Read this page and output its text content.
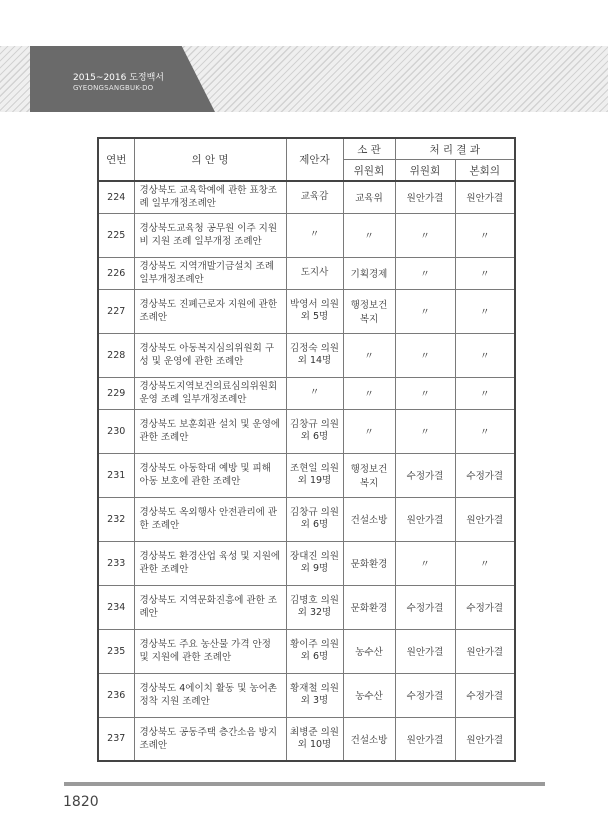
2015~2016 도정백서
GYEONGSANGBUK-DO
연번	의 안 명	제안자	소 관	처 리 결 과	
			위원회	위원회	본회의
224	경상북도 교육학예에 관한 표창조례 일부개정조례안	교육감	교육위	원안가결	원안가결
225	경상북도교육청 공무원 이주 지원비 지원 조례 일부개정 조례안	〃	〃	〃	〃
226	경상북도 지역개발기금설치 조례 일부개정조례안	도지사	기획경제	〃	〃
227	경상북도 진폐근로자 지원에 관한 조례안	박영서 의원 외 5명	행정보건 복지	〃	〃
228	경상북도 아동복지심의위원회 구성 및 운영에 관한 조례안	김정숙 의원 외 14명	〃	〃	〃
229	경상북도지역보건의료심의위원회 운영 조례 일부개정조례안	〃	〃	〃	〃
230	경상북도 보훈회관 설치 및 운영에 관한 조례안	김창규 의원 외 6명	〃	〃	〃
231	경상북도 아동학대 예방 및 피해 아동 보호에 관한 조례안	조현일 의원 외 19명	행정보건 복지	수정가결	수정가결
232	경상북도 옥외행사 안전관리에 관한 조례안	김창규 의원 외 6명	건설소방	원안가결	원안가결
233	경상북도 환경산업 육성 및 지원에 관한 조례안	장대진 의원 외 9명	문화환경	〃	〃
234	경상북도 지역문화진흥에 관한 조례안	김명호 의원 외 32명	문화환경	수정가결	수정가결
235	경상북도 주요 농산물 가격 안정 및 지원에 관한 조례안	황이주 의원 외 6명	농수산	원안가결	원안가결
236	경상북도 4에이치 활동 및 농어촌 정착 지원 조례안	황재철 의원 외 3명	농수산	수정가결	수정가결
237	경상북도 공동주택 층간소음 방지 조례안	최병준 의원 외 10명	건설소방	원안가결	원안가결
1820
